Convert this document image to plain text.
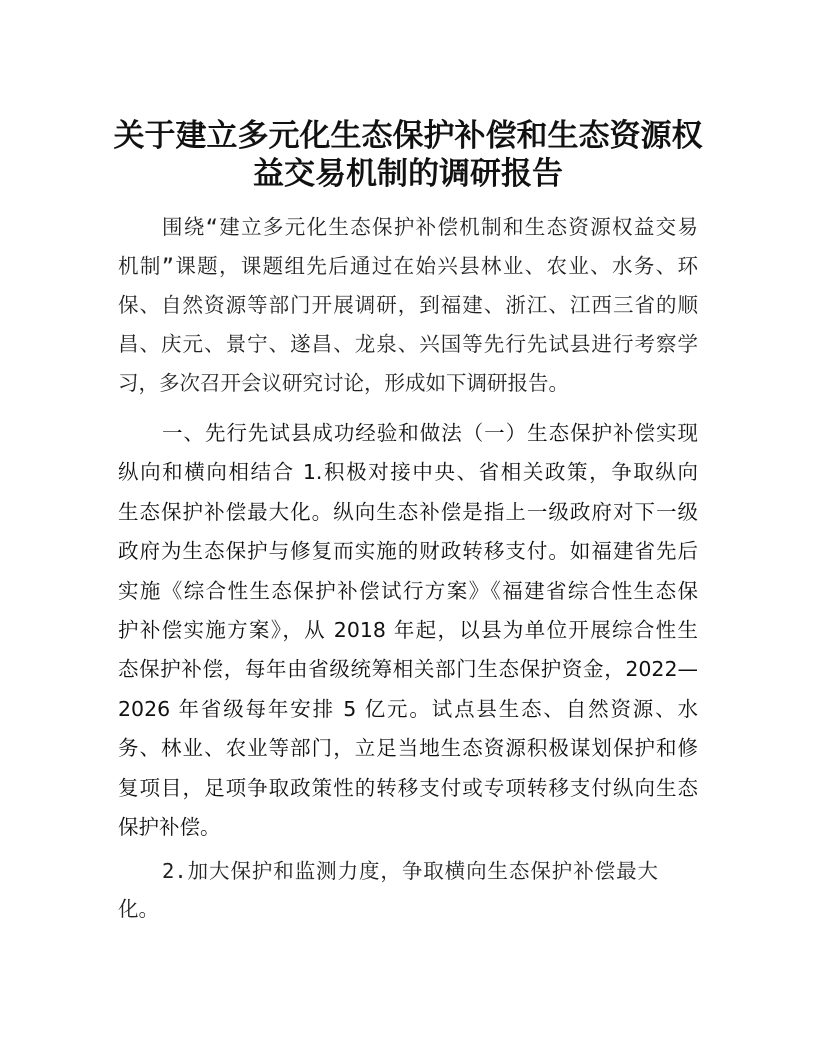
关于建立多元化生态保护补偿和生态资源权
益交易机制的调研报告
围绕“建立多元化生态保护补偿机制和生态资源权益交易
机制”课题，课题组先后通过在始兴县林业、农业、水务、环
保、自然资源等部门开展调研，到福建、浙江、江西三省的顺
昌、庆元、景宁、遂昌、龙泉、兴国等先行先试县进行考察学
习，多次召开会议研究讨论，形成如下调研报告。
一、先行先试县成功经验和做法（一）生态保护补偿实现
纵向和横向相结合 1.积极对接中央、省相关政策，争取纵向
生态保护补偿最大化。纵向生态补偿是指上一级政府对下一级
政府为生态保护与修复而实施的财政转移支付。如福建省先后
实施《综合性生态保护补偿试行方案》《福建省综合性生态保
护补偿实施方案》，从 2018 年起，以县为单位开展综合性生
态保护补偿，每年由省级统筹相关部门生态保护资金，2022—
2026 年省级每年安排 5 亿元。试点县生态、自然资源、水
务、林业、农业等部门，立足当地生态资源积极谋划保护和修
复项目，足项争取政策性的转移支付或专项转移支付纵向生态
保护补偿。
2.加大保护和监测力度，争取横向生态保护补偿最大
化。
